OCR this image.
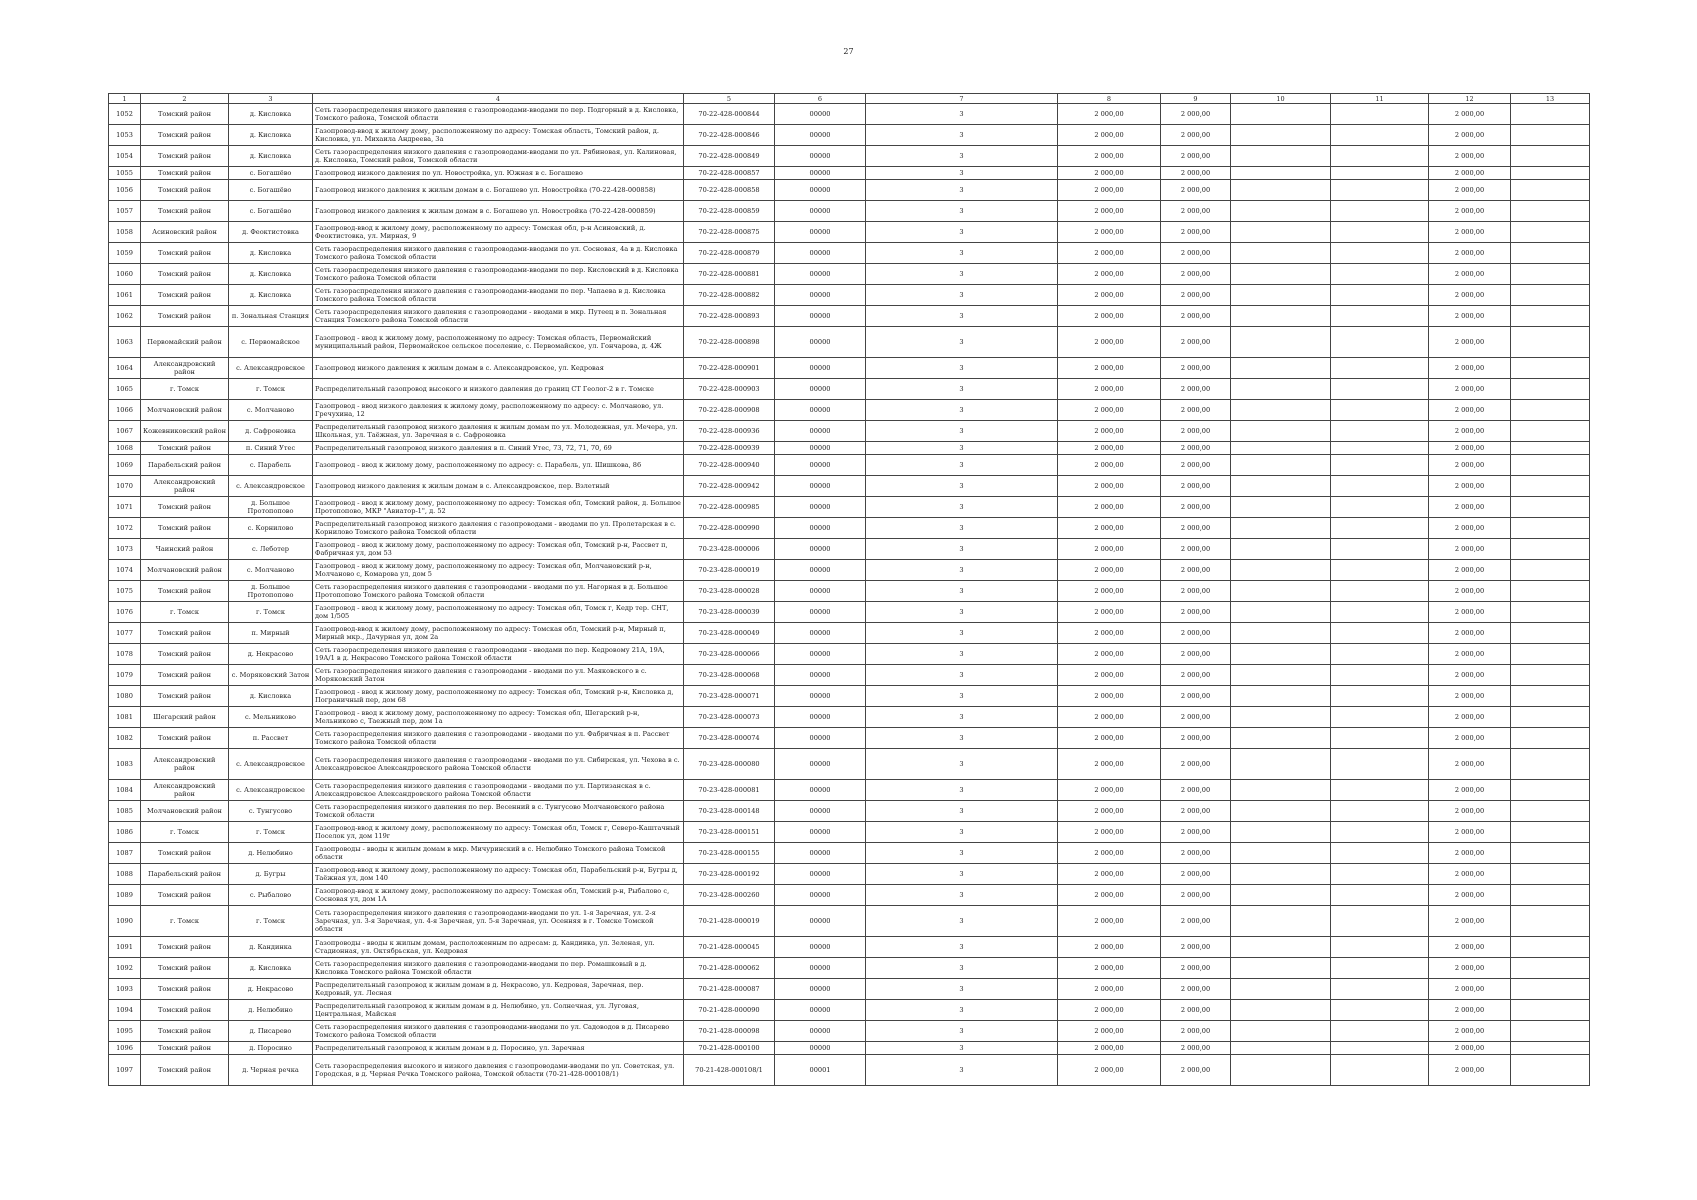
27
1	2	3	4	5	6	7	8	9	10	11	12	13
1052	Томский район	д. Кисловка	Сеть газораспределения низкого давления с газопроводами-вводами по пер. Подгорный в д. Кисловка, Томского района, Томской области	70-22-428-000844	00000	3	2 000,00	2 000,00			2 000,00	
1053	Томский район	д. Кисловка	Газопровод-ввод к жилому дому, расположенному по адресу: Томская область, Томский район, д. Кисловка, ул. Михаила Андреева, 3а	70-22-428-000846	00000	3	2 000,00	2 000,00			2 000,00	
1054	Томский район	д. Кисловка	Сеть газораспределения низкого давления с газопроводами-вводами по ул. Рябиновая, ул. Калиновая, д. Кисловка, Томский район, Томской области	70-22-428-000849	00000	3	2 000,00	2 000,00			2 000,00	
1055	Томский район	с. Богашёво	Газопровод низкого давления по ул. Новостройка, ул. Южная в с. Богашево	70-22-428-000857	00000	3	2 000,00	2 000,00			2 000,00	
1056	Томский район	с. Богашёво	Газопровод низкого давления к жилым домам в с. Богашево ул. Новостройка (70-22-428-000858)	70-22-428-000858	00000	3	2 000,00	2 000,00			2 000,00	
1057	Томский район	с. Богашёво	Газопровод низкого давления к жилым домам в с. Богашево ул. Новостройка (70-22-428-000859)	70-22-428-000859	00000	3	2 000,00	2 000,00			2 000,00	
1058	Асиновский район	д. Феоктистовка	Газопровод-ввод к жилому дому, расположенному по адресу: Томская обл, р-н Асиновский, д. Феоктистовка, ул. Мирная, 9	70-22-428-000875	00000	3	2 000,00	2 000,00			2 000,00	
1059	Томский район	д. Кисловка	Сеть газораспределения низкого давления с газопроводами-вводами по ул. Сосновая, 4а в д. Кисловка Томского района Томской области	70-22-428-000879	00000	3	2 000,00	2 000,00			2 000,00	
1060	Томский район	д. Кисловка	Сеть газораспределения низкого давления с газопроводами-вводами по пер. Кисловский в д. Кисловка Томского района Томской области	70-22-428-000881	00000	3	2 000,00	2 000,00			2 000,00	
1061	Томский район	д. Кисловка	Сеть газораспределения низкого давления с газопроводами-вводами по пер. Чапаева в д. Кисловка Томского района Томской области	70-22-428-000882	00000	3	2 000,00	2 000,00			2 000,00	
1062	Томский район	п. Зональная Станция	Сеть газораспределения низкого давления с газопроводами - вводами в мкр. Путеец в п. Зональная Станция Томского района Томской области	70-22-428-000893	00000	3	2 000,00	2 000,00			2 000,00	
1063	Первомайский район	с. Первомайское	Газопровод - ввод к жилому дому, расположенному по адресу: Томская область, Первомайский муниципальный район, Первомайское сельское поселение, с. Первомайское, ул. Гончарова, д. 4Ж	70-22-428-000898	00000	3	2 000,00	2 000,00			2 000,00	
1064	Александровский район	с. Александровское	Газопровод низкого давления к жилым домам в с. Александровское, ул. Кедровая	70-22-428-000901	00000	3	2 000,00	2 000,00			2 000,00	
1065	г. Томск	г. Томск	Распределительный газопровод высокого и низкого давления до границ СТ Геолог-2 в г. Томске	70-22-428-000903	00000	3	2 000,00	2 000,00			2 000,00	
1066	Молчановский район	с. Молчаново	Газопровод - ввод низкого давления к жилому дому, расположенному по адресу: с. Молчаново, ул. Гречухина, 12	70-22-428-000908	00000	3	2 000,00	2 000,00			2 000,00	
1067	Кожевниковский район	д. Сафроновка	Распределительный газопровод низкого давления к жилым домам по ул. Молодежная, ул. Мечера, ул. Школьная, ул. Таёжная, ул. Заречная в с. Сафроновка	70-22-428-000936	00000	3	2 000,00	2 000,00			2 000,00	
1068	Томский район	п. Синий Утес	Распределительный газопровод низкого давления в п. Синий Утес, 73, 72, 71, 70, 69	70-22-428-000939	00000	3	2 000,00	2 000,00			2 000,00	
1069	Парабельский район	с. Парабель	Газопровод - ввод к жилому дому, расположенному по адресу: с. Парабель, ул. Шишкова, 86	70-22-428-000940	00000	3	2 000,00	2 000,00			2 000,00	
1070	Александровский район	с. Александровское	Газопровод низкого давления к жилым домам в с. Александровское, пер. Взлетный	70-22-428-000942	00000	3	2 000,00	2 000,00			2 000,00	
1071	Томский район	д. Большое Протопопово	Газопровод - ввод к жилому дому, расположенному по адресу: Томская обл, Томский район, д. Большое Протопопово, МКР "Авиатор-1", д. 52	70-22-428-000985	00000	3	2 000,00	2 000,00			2 000,00	
1072	Томский район	с. Корнилово	Распределительный газопровод низкого давления с газопроводами - вводами по ул. Пролетарская в с. Корнилово Томского района Томской области	70-22-428-000990	00000	3	2 000,00	2 000,00			2 000,00	
1073	Чаинский район	с. Леботер	Газопровод - ввод к жилому дому, расположенному по адресу: Томская обл, Томский р-н, Рассвет п, Фабричная ул, дом 53	70-23-428-000006	00000	3	2 000,00	2 000,00			2 000,00	
1074	Молчановский район	с. Молчаново	Газопровод - ввод к жилому дому, расположенному по адресу: Томская обл, Молчановский р-н, Молчаново с, Комарова ул, дом 5	70-23-428-000019	00000	3	2 000,00	2 000,00			2 000,00	
1075	Томский район	д. Большое Протопопово	Сеть газораспределения низкого давления с газопроводами - вводами по ул. Нагорная в д. Большое Протопопово Томского района Томской области	70-23-428-000028	00000	3	2 000,00	2 000,00			2 000,00	
1076	г. Томск	г. Томск	Газопровод - ввод к жилому дому, расположенному по адресу: Томская обл, Томск г, Кедр тер. СНТ, дом 1/505	70-23-428-000039	00000	3	2 000,00	2 000,00			2 000,00	
1077	Томский район	п. Мирный	Газопровод-ввод к жилому дому, расположенному по адресу: Томская обл, Томский р-н, Мирный п, Мирный мкр., Дачурная ул, дом 2а	70-23-428-000049	00000	3	2 000,00	2 000,00			2 000,00	
1078	Томский район	д. Некрасово	Сеть газораспределения низкого давления с газопроводами - вводами по пер. Кедровому 21А, 19А, 19А/1 в д. Некрасово Томского района Томской области	70-23-428-000066	00000	3	2 000,00	2 000,00			2 000,00	
1079	Томский район	с. Моряковский Затон	Сеть газораспределения низкого давления с газопроводами - вводами по ул. Маяковского в с. Моряковский Затон	70-23-428-000068	00000	3	2 000,00	2 000,00			2 000,00	
1080	Томский район	д. Кисловка	Газопровод - ввод к жилому дому, расположенному по адресу: Томская обл, Томский р-н, Кисловка д, Пограничный пер, дом 68	70-23-428-000071	00000	3	2 000,00	2 000,00			2 000,00	
1081	Шегарский район	с. Мельниково	Газопровод - ввод к жилому дому, расположенному по адресу: Томская обл, Шегарский р-н, Мельниково с, Таежный пер, дом 1а	70-23-428-000073	00000	3	2 000,00	2 000,00			2 000,00	
1082	Томский район	п. Рассвет	Сеть газораспределения низкого давления с газопроводами - вводами по ул. Фабричная в п. Рассвет Томского района Томской области	70-23-428-000074	00000	3	2 000,00	2 000,00			2 000,00	
1083	Александровский район	с. Александровское	Сеть газораспределения низкого давления с газопроводами - вводами по ул. Сибирская, ул. Чехова в с. Александровское Александровского района Томской области	70-23-428-000080	00000	3	2 000,00	2 000,00			2 000,00	
1084	Александровский район	с. Александровское	Сеть газораспределения низкого давления с газопроводами - вводами по ул. Партизанская в с. Александровское Александровского района Томской области	70-23-428-000081	00000	3	2 000,00	2 000,00			2 000,00	
1085	Молчановский район	с. Тунгусово	Сеть газораспределения низкого давления по пер. Весенний в с. Тунгусово Молчановского района Томской области	70-23-428-000148	00000	3	2 000,00	2 000,00			2 000,00	
1086	г. Томск	г. Томск	Газопровод-ввод к жилому дому, расположенному по адресу: Томская обл, Томск г, Северо-Каштачный Поселок ул, дом 119г	70-23-428-000151	00000	3	2 000,00	2 000,00			2 000,00	
1087	Томский район	д. Нелюбино	Газопроводы - вводы к жилым домам в мкр. Мичуринский в с. Нелюбино Томского района Томской области	70-23-428-000155	00000	3	2 000,00	2 000,00			2 000,00	
1088	Парабельский район	д. Бугры	Газопровод-ввод к жилому дому, расположенному по адресу: Томская обл, Парабельский р-н, Бугры д, Таёжная ул, дом 140	70-23-428-000192	00000	3	2 000,00	2 000,00			2 000,00	
1089	Томский район	с. Рыбалово	Газопровод-ввод к жилому дому, расположенному по адресу: Томская обл, Томский р-н, Рыбалово с, Сосновая ул, дом 1А	70-23-428-000260	00000	3	2 000,00	2 000,00			2 000,00	
1090	г. Томск	г. Томск	Сеть газораспределения низкого давления с газопроводами-вводами по ул. 1-я Заречная, ул. 2-я Заречная, ул. 3-я Заречная, ул. 4-я Заречная, ул. 5-я Заречная, ул. Осенняя в г. Томске Томской области	70-21-428-000019	00000	3	2 000,00	2 000,00			2 000,00	
1091	Томский район	д. Кандинка	Газопроводы - вводы к жилым домам, расположенным по адресам: д. Кандинка, ул. Зеленая, ул. Стадионная, ул. Октябрьская, ул. Кедровая	70-21-428-000045	00000	3	2 000,00	2 000,00			2 000,00	
1092	Томский район	д. Кисловка	Сеть газораспределения низкого давления с газопроводами-вводами по пер. Ромашковый в д. Кисловка Томского района Томской области	70-21-428-000062	00000	3	2 000,00	2 000,00			2 000,00	
1093	Томский район	д. Некрасово	Распределительный газопровод к жилым домам в д. Некрасово, ул. Кедровая, Заречная, пер. Кедровый, ул. Лесная	70-21-428-000087	00000	3	2 000,00	2 000,00			2 000,00	
1094	Томский район	д. Нелюбино	Распределительный газопровод к жилым домам в д. Нелюбино, ул. Солнечная, ул. Луговая, Центральная, Майская	70-21-428-000090	00000	3	2 000,00	2 000,00			2 000,00	
1095	Томский район	д. Писарево	Сеть газораспределения низкого давления с газопроводами-вводами по ул. Садоводов в д. Писарево Томского района Томской области	70-21-428-000098	00000	3	2 000,00	2 000,00			2 000,00	
1096	Томский район	д. Поросино	Распределительный газопровод к жилым домам в д. Поросино, ул. Заречная	70-21-428-000100	00000	3	2 000,00	2 000,00			2 000,00	
1097	Томский район	д. Черная речка	Сеть газораспределения высокого и низкого давления с газопроводами-вводами по ул. Советская, ул. Городская, в д. Черная Речка Томского района, Томской области (70-21-428-000108/1)	70-21-428-000108/1	00001	3	2 000,00	2 000,00			2 000,00	
